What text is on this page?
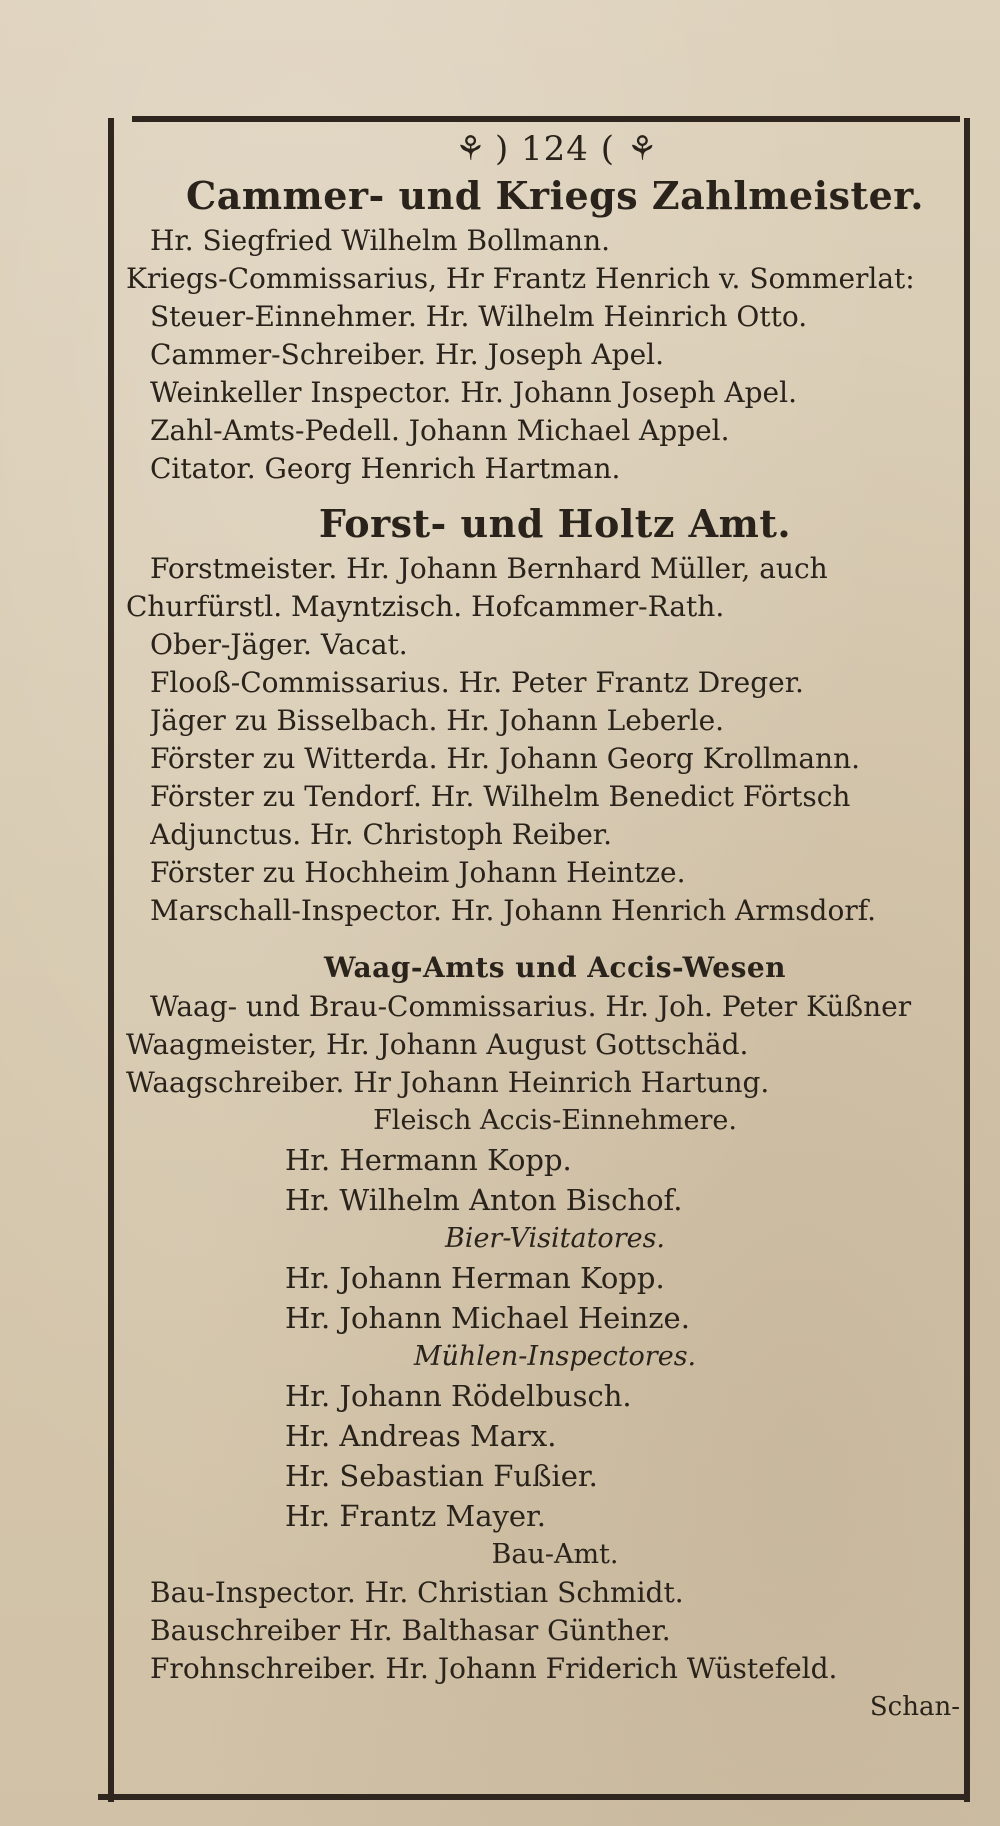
⚘ ) 124 ( ⚘
Cammer- und Kriegs Zahlmeister.
Hr. Siegfried Wilhelm Bollmann.
Kriegs-Commissarius, Hr Frantz Henrich v. Sommerlat:
Steuer-Einnehmer. Hr. Wilhelm Heinrich Otto.
Cammer-Schreiber. Hr. Joseph Apel.
Weinkeller Inspector. Hr. Johann Joseph Apel.
Zahl-Amts-Pedell. Johann Michael Appel.
Citator. Georg Henrich Hartman.
Forst- und Holtz Amt.
Forstmeister. Hr. Johann Bernhard Müller, auch
Churfürstl. Mayntzisch. Hofcammer-Rath.
Ober-Jäger. Vacat.
Flooß-Commissarius. Hr. Peter Frantz Dreger.
Jäger zu Bisselbach. Hr. Johann Leberle.
Förster zu Witterda. Hr. Johann Georg Krollmann.
Förster zu Tendorf. Hr. Wilhelm Benedict Förtsch
Adjunctus. Hr. Christoph Reiber.
Förster zu Hochheim Johann Heintze.
Marschall-Inspector. Hr. Johann Henrich Armsdorf.
Waag-Amts und Accis-Wesen
Waag- und Brau-Commissarius. Hr. Joh. Peter Küßner
Waagmeister, Hr. Johann August Gottschäd.
Waagschreiber. Hr Johann Heinrich Hartung.
Fleisch Accis-Einnehmere.
Hr. Hermann Kopp.
Hr. Wilhelm Anton Bischof.
Bier-Visitatores.
Hr. Johann Herman Kopp.
Hr. Johann Michael Heinze.
Mühlen-Inspectores.
Hr. Johann Rödelbusch.
Hr. Andreas Marx.
Hr. Sebastian Fußier.
Hr. Frantz Mayer.
Bau-Amt.
Bau-Inspector. Hr. Christian Schmidt.
Bauschreiber Hr. Balthasar Günther.
Frohnschreiber. Hr. Johann Friderich Wüstefeld.
Schan-
